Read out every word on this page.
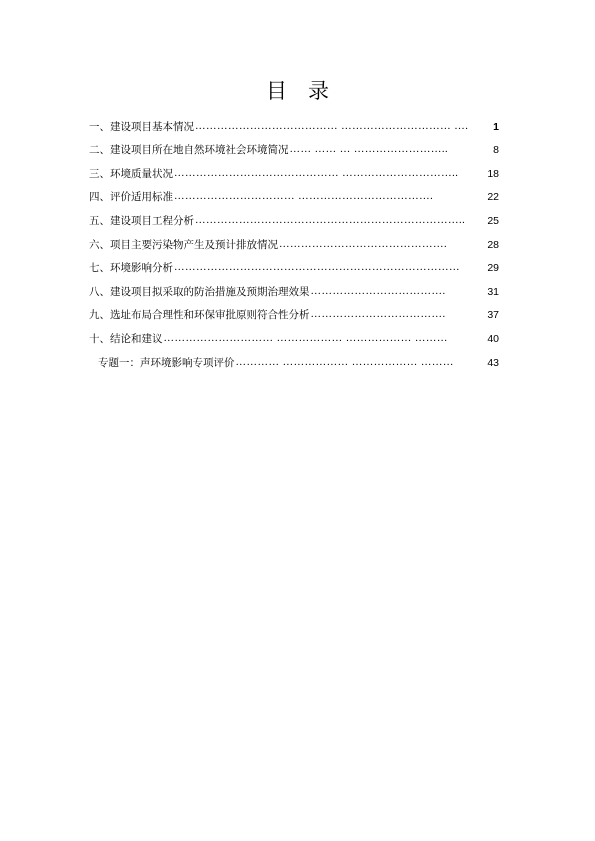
目　录
一、建设项目基本情况 ………………………………… ………………………… ….	1
二、建设项目所在地自然环境社会环境简况 …… …… … ……………………..	8
三、环境质量状况 ……………………………………… …………………………..	18
四、评价适用标准 …………………………… ……………………………….	22
五、建设项目工程分析 ………………………………………………………………..	25
六、项目主要污染物产生及预计排放情况 ……………………………………….	28
七、环境影响分析 ……………………………………………………………………	29
八、建设项目拟采取的防治措施及预期治理效果 ……………………………….	31
九、选址布局合理性和环保审批原则符合性分析 ……………………………….	37
十、结论和建议 ………………………… ……………… ……………… ………	40
专题一：声环境影响专项评价 ………… ……………… ……………… ………	43
